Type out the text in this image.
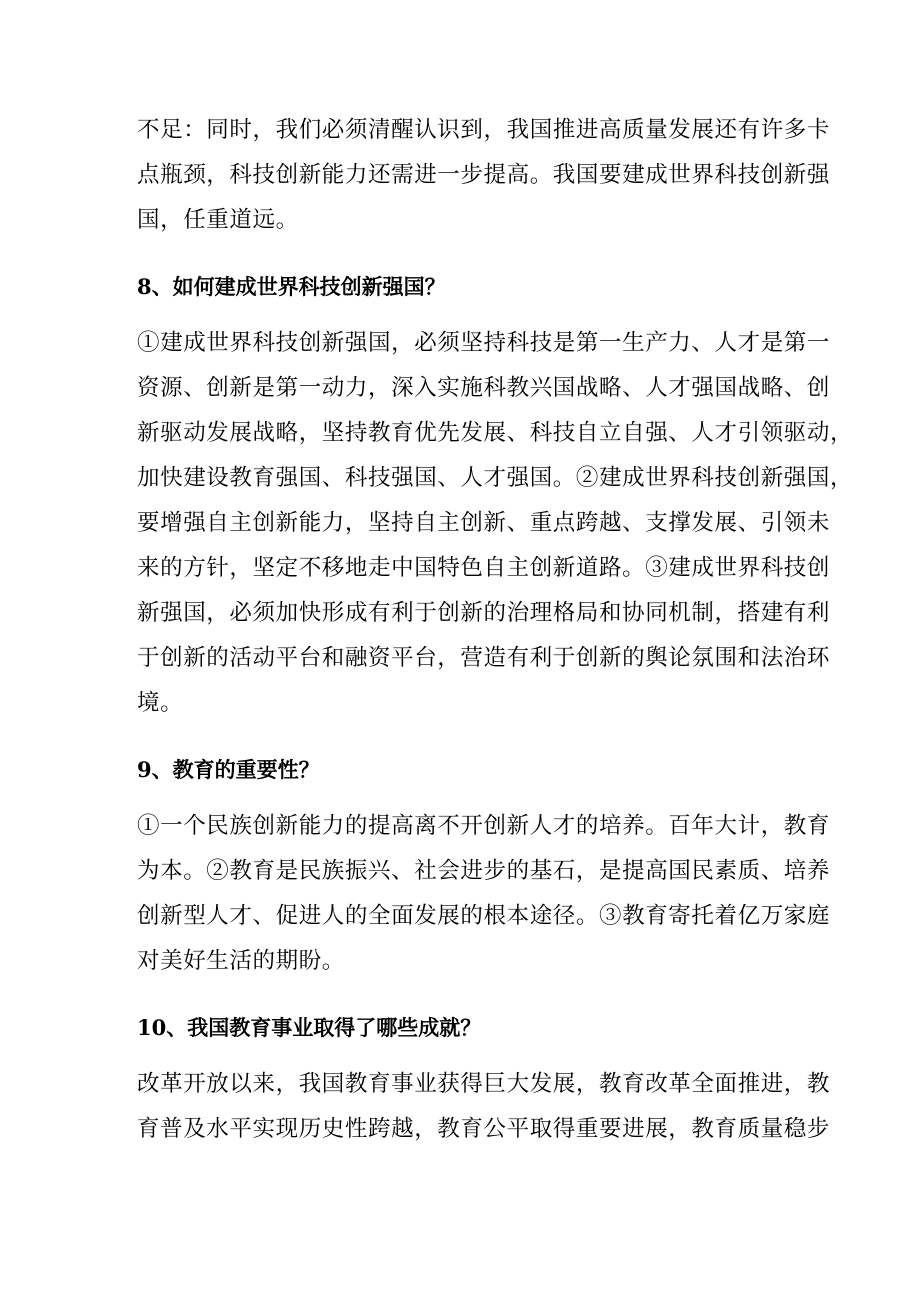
不足：同时，我们必须清醒认识到，我国推进高质量发展还有许多卡
点瓶颈，科技创新能力还需进一步提高。我国要建成世界科技创新强
国，任重道远。

8、如何建成世界科技创新强国？

①建成世界科技创新强国，必须坚持科技是第一生产力、人才是第一
资源、创新是第一动力，深入实施科教兴国战略、人才强国战略、创
新驱动发展战略，坚持教育优先发展、科技自立自强、人才引领驱动，
加快建设教育强国、科技强国、人才强国。②建成世界科技创新强国，
要增强自主创新能力，坚持自主创新、重点跨越、支撑发展、引领未
来的方针，坚定不移地走中国特色自主创新道路。③建成世界科技创
新强国，必须加快形成有利于创新的治理格局和协同机制，搭建有利
于创新的活动平台和融资平台，营造有利于创新的舆论氛围和法治环
境。

9、教育的重要性？

①一个民族创新能力的提高离不开创新人才的培养。百年大计，教育
为本。②教育是民族振兴、社会进步的基石，是提高国民素质、培养
创新型人才、促进人的全面发展的根本途径。③教育寄托着亿万家庭
对美好生活的期盼。

10、我国教育事业取得了哪些成就？

改革开放以来，我国教育事业获得巨大发展，教育改革全面推进，教
育普及水平实现历史性跨越，教育公平取得重要进展，教育质量稳步
